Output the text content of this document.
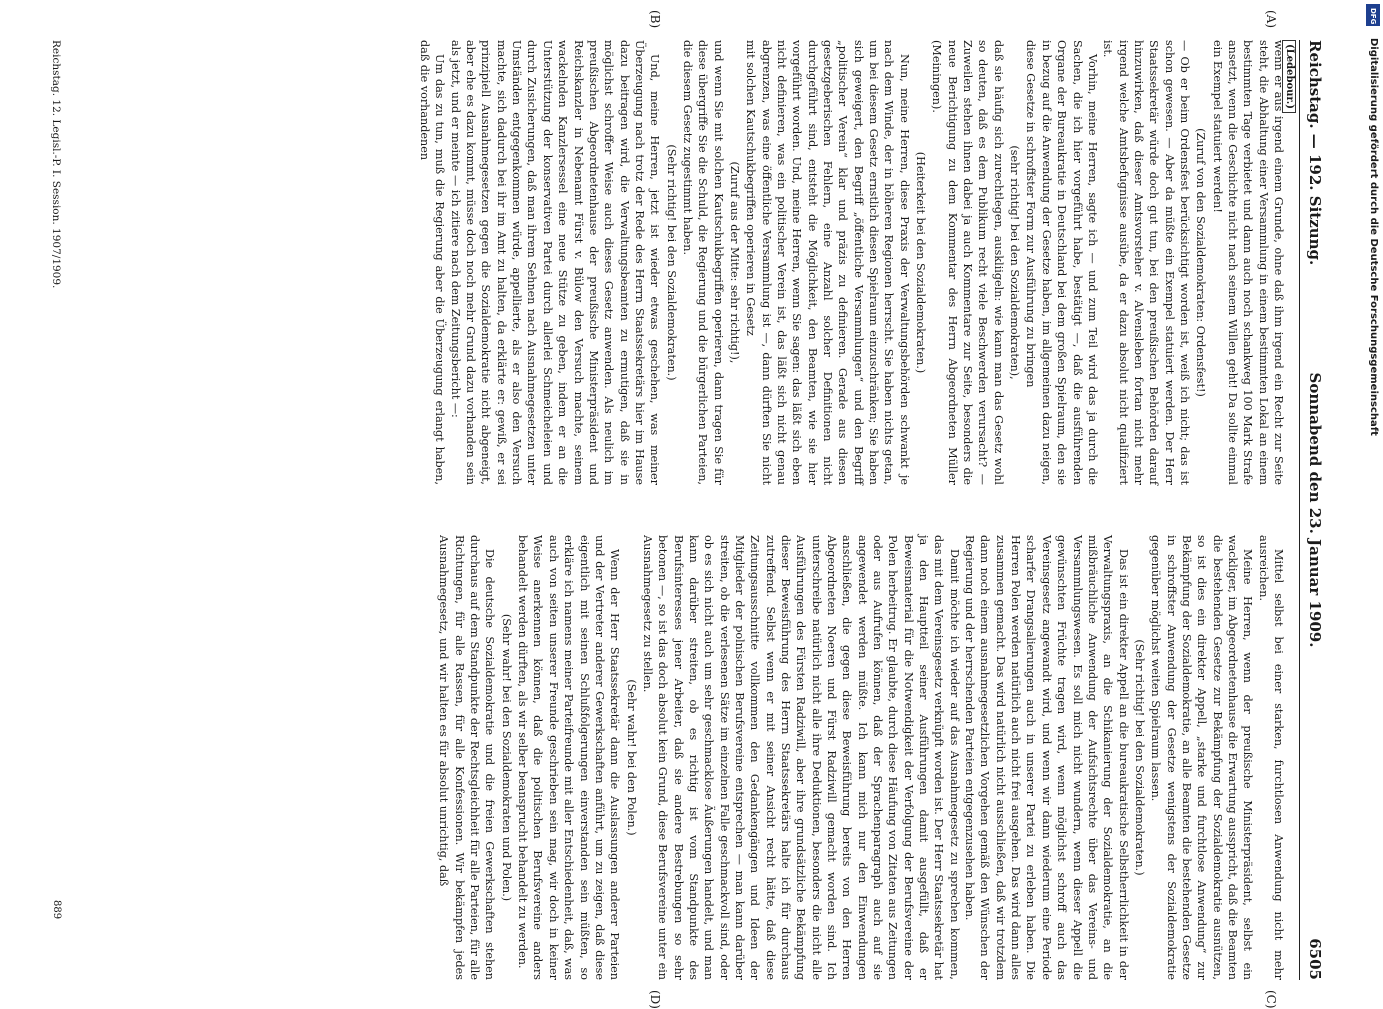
Reichstag. — 192. Sitzung.
Sonnabend den 23. Januar 1909.
6505
(Ledebour.)
(A)
(B)
(C)
(D)

wenn er aus irgend einem Grunde, ohne daß ihm irgend ein Recht zur Seite steht, die Abhaltung einer Versammlung in einem bestimmten Lokal an einem bestimmten Tage verbietet und dann auch noch schankweg 100 Mark Strafe ansetzt, wenn die Geschichte nicht nach seinem Willen geht! Da sollte einmal ein Exempel statuiert werden!

(Zuruf von den Sozialdemokraten: Ordensfest!)

— Ob er beim Ordensfest berücksichtigt worden ist, weiß ich nicht; das ist schon gewesen. — Aber da müßte ein Exempel statuiert werden. Der Herr Staatssekretär würde doch gut tun, bei den preußischen Behörden darauf hinzuwirken, daß dieser Amtsvorsteher v. Alvensleben fortan nicht mehr irgend welche Amtsbefugnisse ausübe, da er dazu absolut nicht qualifiziert ist.

Vorhin, meine Herren, sagte ich — und zum Teil wird das ja durch die Sachen, die ich hier vorgeführt habe, bestätigt —, daß die ausführenden Organe der Bureaukratie in Deutschland bei dem großen Spielraum, den sie in bezug auf die Anwendung der Gesetze haben, im allgemeinen dazu neigen, diese Gesetze in schroffster Form zur Ausführung zu bringen

(sehr richtig! bei den Sozialdemokraten),

daß sie häufig sich zurechtlegen, auskliigeln: wie kann man das Gesetz wohl so deuten, daß es dem Publikum recht viele Beschwerden verursacht? — Zuweilen stehen ihnen dabei ja auch Kommentare zur Seite, besonders die neue Berichtigung zu dem Kommentar des Herrn Abgeordneten Müller (Meiningen).

(Heiterkeit bei den Sozialdemokraten.)

Nun, meine Herren, diese Praxis der Verwaltungsbehörden schwankt je nach dem Winde, der in höheren Regionen herrscht. Sie haben nichts getan, um bei diesem Gesetz ernstlich diesen Spielraum einzuschränken; Sie haben sich geweigert, den Begriff „öffentliche Versammlungen“ und den Begriff „politischer Verein“ klar und präzis zu definieren. Gerade aus diesen gesetzgeberischen Fehlern, eine Anzahl solcher Definitionen nicht durchgeführt sind, entsteht die Möglichkeit, den Beamten, wie sie hier vorgeführt worden. Und, meine Herren, wenn Sie sagen: das läßt sich eben nicht definieren, was ein politischer Verein ist, das läßt sich nicht genau abgrenzen, was eine öffentliche Versammlung ist —, dann dürften Sie nicht mit solchen Kautschukbegriffen operieren in Gesetz

(Zuruf aus der Mitte: sehr richtig!),

und wenn Sie mit solchen Kautschukbegriffen operieren, dann tragen Sie für diese übergriffe Sie die Schuld, die Regierung und die bürgerlichen Parteien, die diesem Gesetz zugestimmt haben.

(Sehr richtig! bei den Sozialdemokraten.)

Und, meine Herren, jetzt ist wieder etwas geschehen, was meiner Überzeugung nach trotz der Rede des Herrn Staatssekretärs hier im Hause dazu beitragen wird, die Verwaltungsbeamten zu ermutigen, daß sie in möglichst schroffer Weise auch dieses Gesetz anwenden. Als neulich im preußischen Abgeordnetenhause der preußische Ministerpräsident und Reichskanzler in Nebenamt Fürst v. Bülow den Versuch machte, seinem wackelnden Kanzlersessel eine neue Stütze zu geben, indem er an die Unterstützung der konservativen Partei durch allerlei Schmeicheleien und durch Zusicherungen, daß man ihrem Sehnen nach Ausnahmegesetzen unter Umständen entgegenkommen würde, appellierte, als er also den Versuch machte, sich dadurch bei ihr im Amt zu halten, da erklärte er: gewiß, er sei prinzipiell Ausnahmegesetzen gegen die Sozialdemokratie nicht abgeneigt, aber ehe es dazu kommt, müsse doch noch mehr Grund dazu vorhanden sein als jetzt, und er meinte — ich zitiere nach dem Zeitungsbericht —:

Um das zu tun, muß die Regierung aber die Überzeugung erlangt haben, daß die vorhandenen

Mittel selbst bei einer starken, furchtlosen Anwendung nicht mehr ausreichen.

Meine Herren, wenn der preußische Ministerpräsident, selbst ein wackliger, im Abgeordnetenhause die Erwartung ausspricht, daß die Beamten die bestehenden Gesetze zur Bekämpfung der Sozialdemokratie ausnützen, so ist dies ein direkter Appell, „starke und furchtlose Anwendung“ zur Bekämpfung der Sozialdemokratie, an alle Beamten die bestehenden Gesetze in schroffster Anwendung der Gesetze wenigstens der Sozialdemokratie gegenüber möglichst weiten Spielraum lassen.

(Sehr richtig! bei den Sozialdemokraten.)

Das ist ein direkter Appell an die bureaukratische Selbstherrlichkeit in der Verwaltungspraxis, an die Schikanierung der Sozialdemokratie, an die mißbräuchliche Anwendung der Aufsichtsrechte über das Vereins- und Versammlungswesen. Es soll mich nicht wundern, wenn dieser Appell die gewünschten Früchte tragen wird, wenn möglichst schroff auch das Vereinsgesetz angewandt wird, und wenn wir dann wiederum eine Periode scharfer Drangsalierungen auch in unserer Partei zu erleben haben. Die Herren Polen werden natürlich auch nicht frei ausgehen. Das wird dann alles zusammen gemacht. Das wird natürlich nicht ausschließen, daß wir trotzdem dann noch einem ausnahmegesetzlichen Vorgehen gemäß den Wünschen der Regierung und der herrschenden Parteien entgegenzusehen haben.

Damit möchte ich wieder auf das Ausnahmegesetz zu sprechen kommen, das mit dem Vereinsgesetz verknüpft worden ist. Der Herr Staatssekretär hat ja den Hauptteil seiner Ausführungen damit ausgefüllt, daß er Beweismaterial für die Notwendigkeit der Verfolgung der Berufsvereine der Polen herbeitrug. Er glaubte, durch diese Häufung von Zitaten aus Zeitungen oder aus Aufrufen können, daß der Sprachenparagraph auch auf sie angewendet werden müßte. Ich kann mich nur den Einwendungen anschließen, die gegen diese Beweisführung bereits von den Herren Abgeordneten Noeren und Fürst Radziwill gemacht worden sind. Ich unterschreibe natürlich nicht alle ihre Deduktionen, besonders die nicht alle Ausführungen des Fürsten Radziwill, aber ihre grundsätzliche Bekämpfung dieser Beweisführung des Herrn Staatssekretärs halte ich für durchaus zutreffend. Selbst wenn er mit seiner Ansicht recht hätte, daß diese Zeitungsausschnitte vollkommen den Gedankengängen und Ideen der Mitglieder der polnischen Berufsvereine entsprechen — man kann darüber streiten, ob die verlesenen Sätze im einzelnen Falle geschmackvoll sind, oder ob es sich nicht auch um sehr geschmacklose Äußerungen handelt, und man kann darüber streiten, ob es richtig ist vom Standpunkte des Berufsinteresses jener Arbeiter, daß sie andere Bestrebungen so sehr betonen —, so ist das doch absolut kein Grund, diese Berufsvereine unter ein Ausnahmegesetz zu stellen.

(Sehr wahr! bei den Polen.)

Wenn der Herr Staatssekretär dann die Auslassungen anderer Parteien und der Vertreter anderer Gewerkschaften anführt, um zu zeigen, daß diese eigentlich mit seinen Schlußfolgerungen einverstanden sein müßten, so erkläre ich namens meiner Parteifreunde mit aller Entschiedenheit, daß, was auch von seiten unserer Freunde geschrieben sein mag, wir doch in keiner Weise anerkennen können, daß die politischen Berufsvereine anders behandelt werden dürften, als wir selber beansprucht behandelt zu werden.

(Sehr wahr! bei den Sozialdemokraten und Polen.)

Die deutsche Sozialdemokratie und die freien Gewerkschaften stehen durchaus auf dem Standpunkte der Rechtsgleichheit für alle Parteien, für alle Richtungen, für alle Rassen, für alle Konfessionen. Wir bekämpfen jedes Ausnahmegesetz, und wir halten es für absolut unrichtig, daß

Reichstag. 12. Legisl.-P. I. Session. 1907/1909.
889
Digitalisierung gefördert durch die Deutsche Forschungsgemeinschaft
DFG
